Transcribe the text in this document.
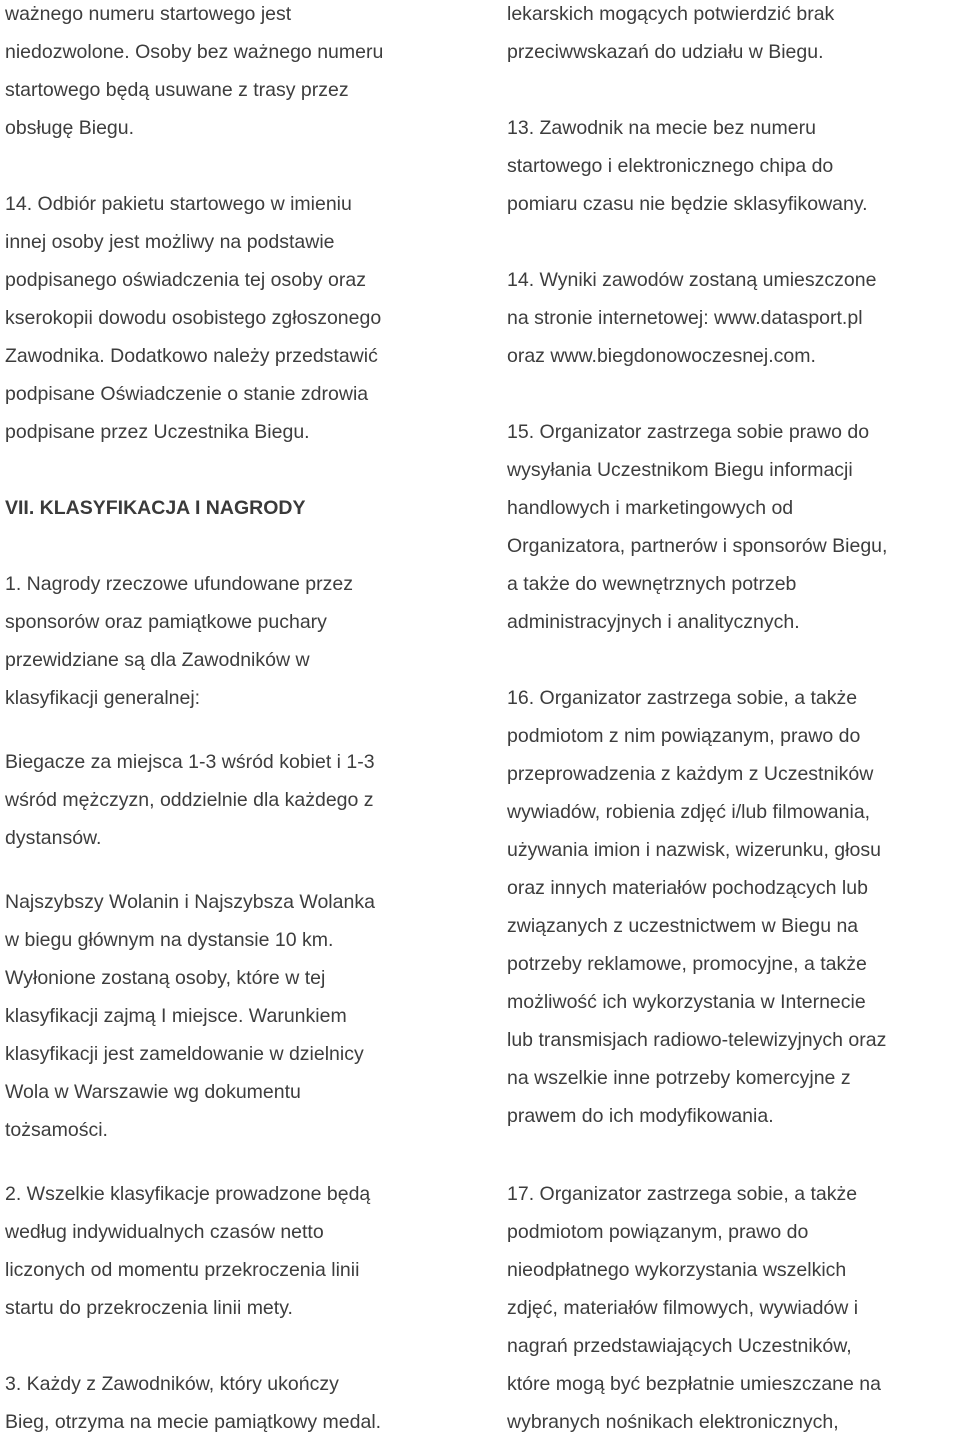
ważnego numeru startowego jest
niedozwolone. Osoby bez ważnego numeru
startowego będą usuwane z trasy przez
obsługę Biegu.
14. Odbiór pakietu startowego w imieniu
innej osoby jest możliwy na podstawie
podpisanego oświadczenia tej osoby oraz
kserokopii dowodu osobistego zgłoszonego
Zawodnika. Dodatkowo należy przedstawić
podpisane Oświadczenie o stanie zdrowia
podpisane przez Uczestnika Biegu.
VII. KLASYFIKACJA I NAGRODY
1. Nagrody rzeczowe ufundowane przez
sponsorów oraz pamiątkowe puchary
przewidziane są dla Zawodników w
klasyfikacji generalnej:
Biegacze za miejsca 1-3 wśród kobiet i 1-3
wśród mężczyzn, oddzielnie dla każdego z
dystansów.
Najszybszy Wolanin i Najszybsza Wolanka
w biegu głównym na dystansie 10 km.
Wyłonione zostaną osoby, które w tej
klasyfikacji zajmą I miejsce. Warunkiem
klasyfikacji jest zameldowanie w dzielnicy
Wola w Warszawie wg dokumentu
tożsamości.
2. Wszelkie klasyfikacje prowadzone będą
według indywidualnych czasów netto
liczonych od momentu przekroczenia linii
startu do przekroczenia linii mety.
3. Każdy z Zawodników, który ukończy
Bieg, otrzyma na mecie pamiątkowy medal.
lekarskich mogących potwierdzić brak
przeciwwskazań do udziału w Biegu.
13. Zawodnik na mecie bez numeru
startowego i elektronicznego chipa do
pomiaru czasu nie będzie sklasyfikowany.
14. Wyniki zawodów zostaną umieszczone
na stronie internetowej: www.datasport.pl
oraz www.biegdonowoczesnej.com.
15. Organizator zastrzega sobie prawo do
wysyłania Uczestnikom Biegu informacji
handlowych i marketingowych od
Organizatora, partnerów i sponsorów Biegu,
a także do wewnętrznych potrzeb
administracyjnych i analitycznych.
16. Organizator zastrzega sobie, a także
podmiotom z nim powiązanym, prawo do
przeprowadzenia z każdym z Uczestników
wywiadów, robienia zdjęć i/lub filmowania,
używania imion i nazwisk, wizerunku, głosu
oraz innych materiałów pochodzących lub
związanych z uczestnictwem w Biegu na
potrzeby reklamowe, promocyjne, a także
możliwość ich wykorzystania w Internecie
lub transmisjach radiowo-telewizyjnych oraz
na wszelkie inne potrzeby komercyjne z
prawem do ich modyfikowania.
17. Organizator zastrzega sobie, a także
podmiotom powiązanym, prawo do
nieodpłatnego wykorzystania wszelkich
zdjęć, materiałów filmowych, wywiadów i
nagrań przedstawiających Uczestników,
które mogą być bezpłatnie umieszczane na
wybranych nośnikach elektronicznych,
